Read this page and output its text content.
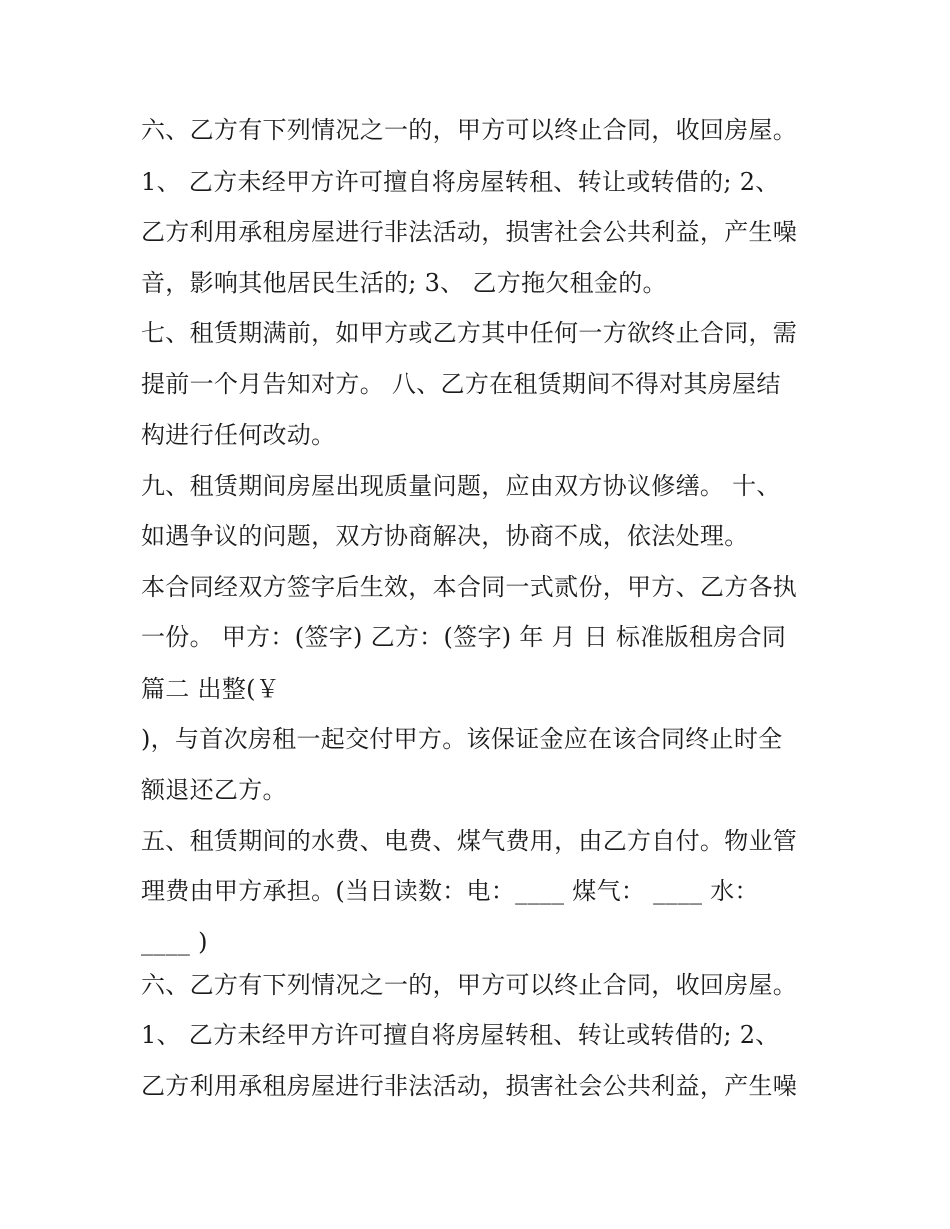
六、乙方有下列情况之一的，甲方可以终止合同，收回房屋。
1、 乙方未经甲方许可擅自将房屋转租、转让或转借的; 2、
乙方利用承租房屋进行非法活动，损害社会公共利益，产生噪
音，影响其他居民生活的; 3、 乙方拖欠租金的。
七、租赁期满前，如甲方或乙方其中任何一方欲终止合同，需
提前一个月告知对方。 八、乙方在租赁期间不得对其房屋结
构进行任何改动。
九、租赁期间房屋出现质量问题，应由双方协议修缮。 十、
如遇争议的问题，双方协商解决，协商不成，依法处理。
本合同经双方签字后生效，本合同一式贰份，甲方、乙方各执
一份。 甲方：(签字) 乙方：(签字) 年 月 日 标准版租房合同
篇二 出整(￥
)，与首次房租一起交付甲方。该保证金应在该合同终止时全
额退还乙方。
五、租赁期间的水费、电费、煤气费用，由乙方自付。物业管
理费由甲方承担。(当日读数：电：____ 煤气： ____ 水：
____ )
六、乙方有下列情况之一的，甲方可以终止合同，收回房屋。
1、 乙方未经甲方许可擅自将房屋转租、转让或转借的; 2、
乙方利用承租房屋进行非法活动，损害社会公共利益，产生噪
